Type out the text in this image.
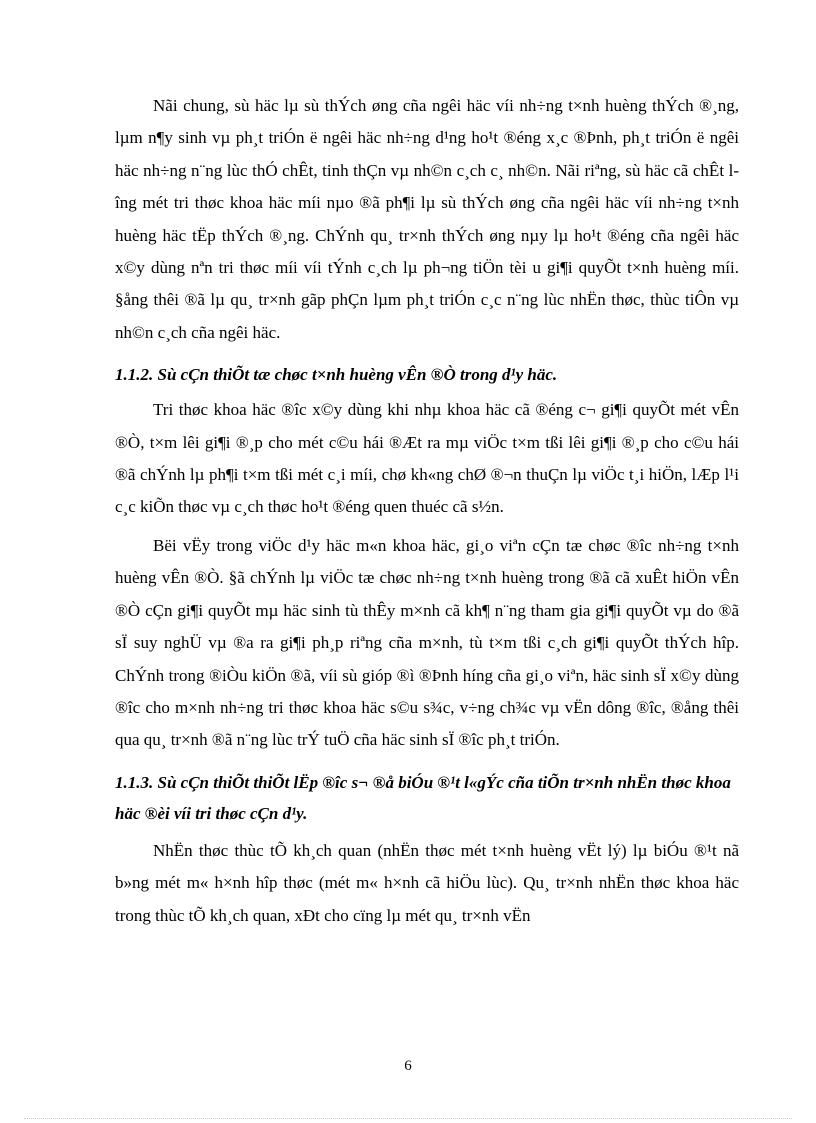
Nãi chung, sù häc lµ sù thÝch øng cña ngêi häc víi nh÷ng t×nh huèng thÝch ®¸ng, lµm n¶y sinh vµ ph¸t triÓn ë ngêi häc nh÷ng d¹ng ho¹t ®éng x¸c ®Þnh, ph¸t triÓn ë ngêi häc nh÷ng n¨ng lùc thÓ chÊt, tinh thÇn vµ nh©n c¸ch c¸ nh©n. Nãi riªng, sù häc cã chÊt lîng mét tri thøc khoa häc míi nµo ®ã ph¶i lµ sù thÝch øng cña ngêi häc víi nh÷ng t×nh huèng häc tËp thÝch ®¸ng. ChÝnh qu¸ tr×nh thÝch øng nµy lµ ho¹t ®éng cña ngêi häc x©y dùng nªn tri thøc míi víi tÝnh c¸ch lµ ph¬ng tiÖn tèi u gi¶i quyÕt t×nh huèng míi. §ång thêi ®ã lµ qu¸ tr×nh gãp phÇn lµm ph¸t triÓn c¸c n¨ng lùc nhËn thøc, thùc tiÔn vµ nh©n c¸ch cña ngêi häc.

1.1.2. Sù cÇn thiÕt tæ chøc t×nh huèng vÊn ®Ò trong d¹y häc.

Tri thøc khoa häc ®îc x©y dùng khi nhµ khoa häc cã ®éng c¬ gi¶i quyÕt mét vÊn ®Ò, t×m lêi gi¶i ®¸p cho mét c©u hái ®Æt ra mµ viÖc t×m tßi lêi gi¶i ®¸p cho c©u hái ®ã chÝnh lµ ph¶i t×m tßi mét c¸i míi, chø kh«ng chØ ®¬n thuÇn lµ viÖc t¸i hiÖn, lÆp l¹i c¸c kiÕn thøc vµ c¸ch thøc ho¹t ®éng quen thuéc cã s½n.

Bëi vËy trong viÖc d¹y häc m«n khoa häc, gi¸o viªn cÇn tæ chøc ®îc nh÷ng t×nh huèng vÊn ®Ò. §ã chÝnh lµ viÖc tæ chøc nh÷ng t×nh huèng trong ®ã cã xuÊt hiÖn vÊn ®Ò cÇn gi¶i quyÕt mµ häc sinh tù thÊy m×nh cã kh¶ n¨ng tham gia gi¶i quyÕt vµ do ®ã sÏ suy nghÜ vµ ®a ra gi¶i ph¸p riªng cña m×nh, tù t×m tßi c¸ch gi¶i quyÕt thÝch hîp. ChÝnh trong ®iÒu kiÖn ®ã, víi sù gióp ®ì ®Þnh híng cña gi¸o viªn, häc sinh sÏ x©y dùng ®îc cho m×nh nh÷ng tri thøc khoa häc s©u s¾c, v÷ng ch¾c vµ vËn dông ®îc, ®ång thêi qua qu¸ tr×nh ®ã n¨ng lùc trÝ tuÖ cña häc sinh sÏ ®îc ph¸t triÓn.

1.1.3. Sù cÇn thiÕt thiÕt lËp ®îc s¬ ®å biÓu ®¹t l«gÝc cña tiÕn tr×nh nhËn thøc khoa häc ®èi víi tri thøc cÇn d¹y.

NhËn thøc thùc tÕ kh¸ch quan (nhËn thøc mét t×nh huèng vËt lý) lµ biÓu ®¹t nã b»ng mét m« h×nh hîp thøc (mét m« h×nh cã hiÖu lùc). Qu¸ tr×nh nhËn thøc khoa häc trong thùc tÕ kh¸ch quan, xÐt cho cïng lµ mét qu¸ tr×nh vËn

6
